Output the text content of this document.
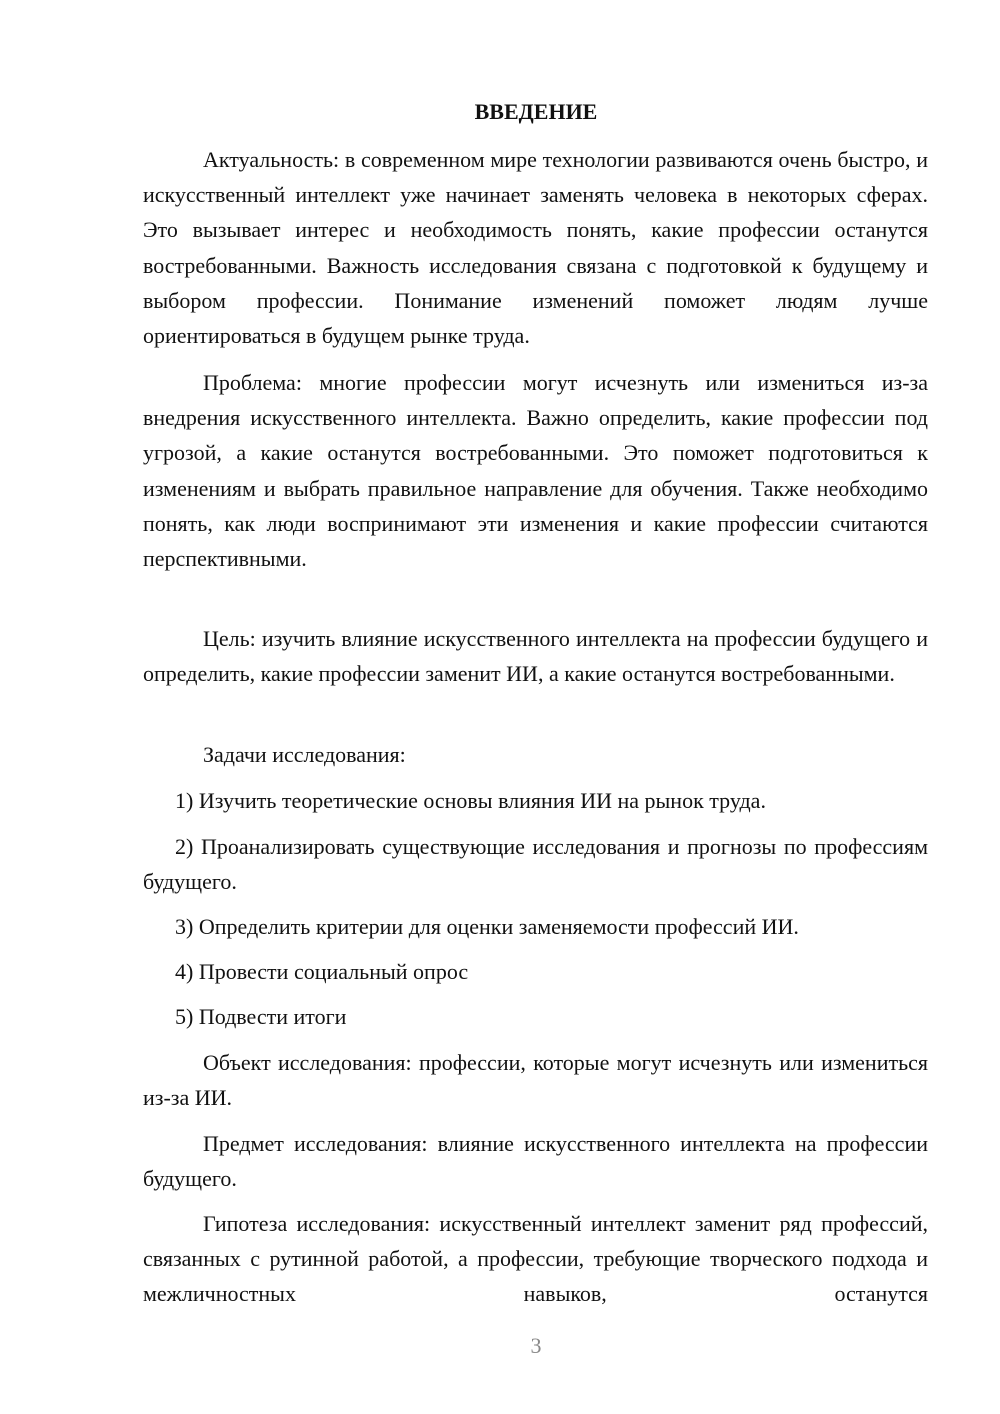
ВВЕДЕНИЕ

Актуальность: в современном мире технологии развиваются очень быстро, и искусственный интеллект уже начинает заменять человека в некоторых сферах. Это вызывает интерес и необходимость понять, какие профессии останутся востребованными. Важность исследования связана с подготовкой к будущему и выбором профессии. Понимание изменений поможет людям лучше ориентироваться в будущем рынке труда.

Проблема: многие профессии могут исчезнуть или измениться из-за внедрения искусственного интеллекта. Важно определить, какие профессии под угрозой, а какие останутся востребованными. Это поможет подготовиться к изменениям и выбрать правильное направление для обучения. Также необходимо понять, как люди воспринимают эти изменения и какие профессии считаются перспективными.

Цель: изучить влияние искусственного интеллекта на профессии будущего и определить, какие профессии заменит ИИ, а какие останутся востребованными.

Задачи исследования:

1) Изучить теоретические основы влияния ИИ на рынок труда.

2) Проанализировать существующие исследования и прогнозы по профессиям будущего.

3) Определить критерии для оценки заменяемости профессий ИИ.

4) Провести социальный опрос

5) Подвести итоги

Объект исследования: профессии, которые могут исчезнуть или измениться из-за ИИ.

Предмет исследования: влияние искусственного интеллекта на профессии будущего.

Гипотеза исследования: искусственный интеллект заменит ряд профессий, связанных с рутинной работой, а профессии, требующие творческого подхода и межличностных навыков, останутся

3
